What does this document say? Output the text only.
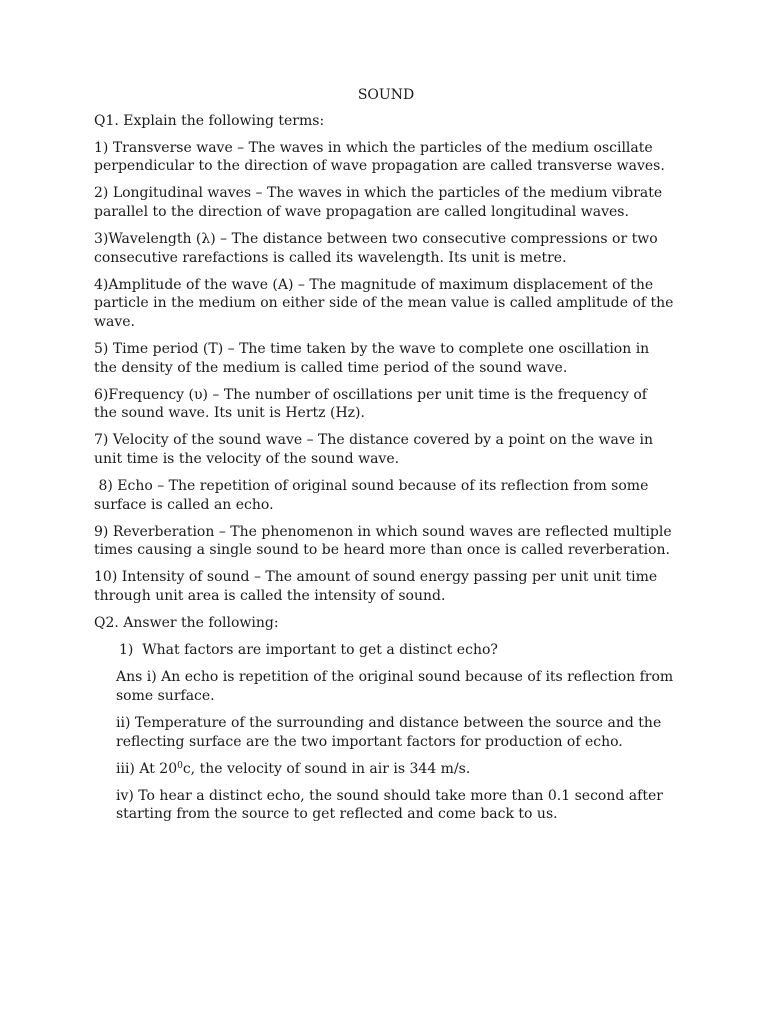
SOUND
Q1. Explain the following terms:
1) Transverse wave – The waves in which the particles of the medium oscillate perpendicular to the direction of wave propagation are called transverse waves.
2) Longitudinal waves – The waves in which the particles of the medium vibrate parallel to the direction of wave propagation are called longitudinal waves.
3)Wavelength (λ) – The distance between two consecutive compressions or two consecutive rarefactions is called its wavelength. Its unit is metre.
4)Amplitude of the wave (A) – The magnitude of maximum displacement of the particle in the medium on either side of the mean value is called amplitude of the wave.
5) Time period (T) – The time taken by the wave to complete one oscillation in the density of the medium is called time period of the sound wave.
6)Frequency (υ) – The number of oscillations per unit time is the frequency of the sound wave. Its unit is Hertz (Hz).
7) Velocity of the sound wave – The distance covered by a point on the wave in unit time is the velocity of the sound wave.
8) Echo – The repetition of original sound because of its reflection from some surface is called an echo.
9) Reverberation – The phenomenon in which sound waves are reflected multiple times causing a single sound to be heard more than once is called reverberation.
10) Intensity of sound – The amount of sound energy passing per unit unit time through unit area is called the intensity of sound.
Q2. Answer the following:
1)  What factors are important to get a distinct echo?
Ans i) An echo is repetition of the original sound because of its reflection from some surface.
ii) Temperature of the surrounding and distance between the source and the reflecting surface are the two important factors for production of echo.
iii) At $20^0c$, the velocity of sound in air is 344 m/s.
iv) To hear a distinct echo, the sound should take more than 0.1 second after starting from the source to get reflected and come back to us.
